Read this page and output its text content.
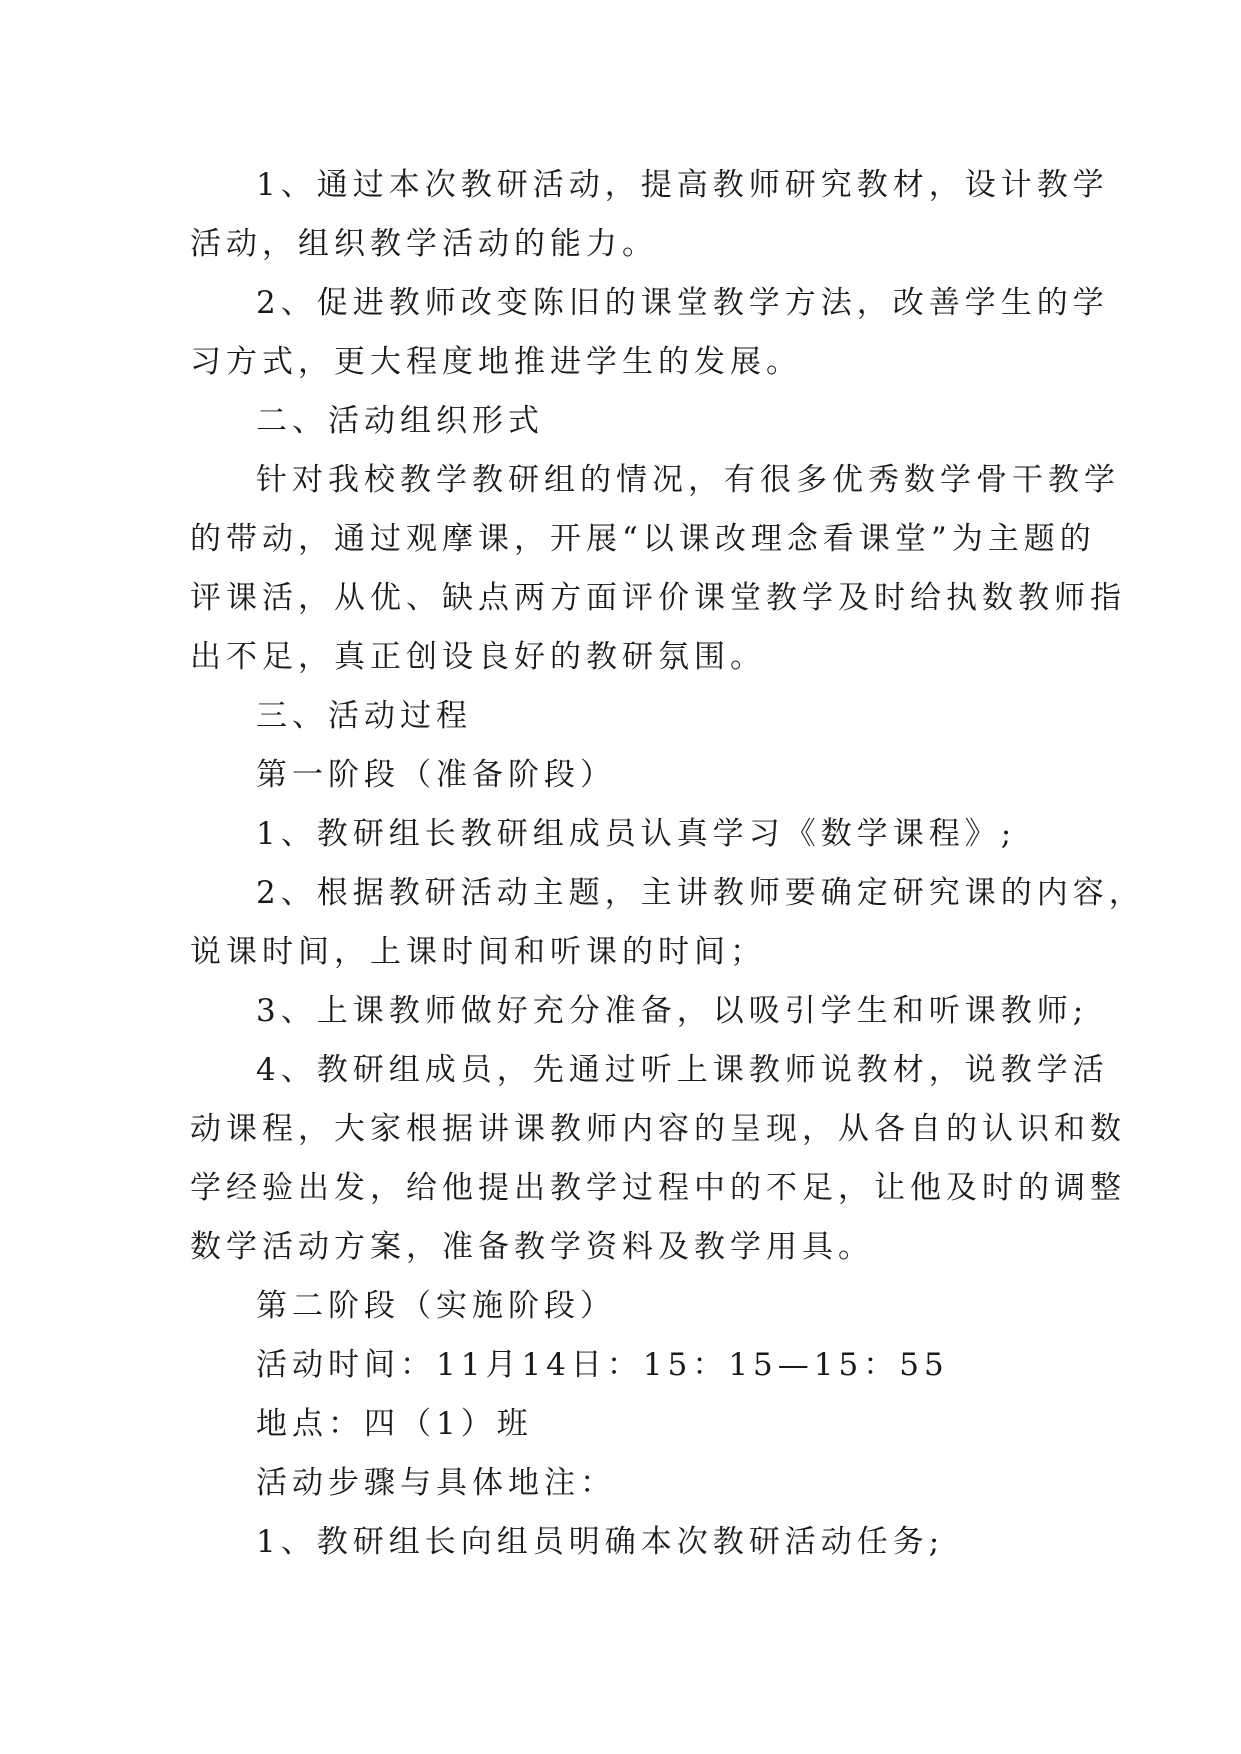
1、通过本次教研活动，提高教师研究教材，设计教学
活动，组织教学活动的能力。
2、促进教师改变陈旧的课堂教学方法，改善学生的学
习方式，更大程度地推进学生的发展。
二、活动组织形式
针对我校教学教研组的情况，有很多优秀数学骨干教学
的带动，通过观摩课，开展“以课改理念看课堂”为主题的
评课活，从优、缺点两方面评价课堂教学及时给执数教师指
出不足，真正创设良好的教研氛围。
三、活动过程
第一阶段（准备阶段）
1、教研组长教研组成员认真学习《数学课程》;
2、根据教研活动主题，主讲教师要确定研究课的内容，
说课时间，上课时间和听课的时间；
3、上课教师做好充分准备，以吸引学生和听课教师;
4、教研组成员，先通过听上课教师说教材，说教学活
动课程，大家根据讲课教师内容的呈现，从各自的认识和数
学经验出发，给他提出教学过程中的不足，让他及时的调整
数学活动方案，准备教学资料及教学用具。
第二阶段（实施阶段）
活动时间：11月14日：15：15—15：55
地点：四（1）班
活动步骤与具体地注：
1、教研组长向组员明确本次教研活动任务;
